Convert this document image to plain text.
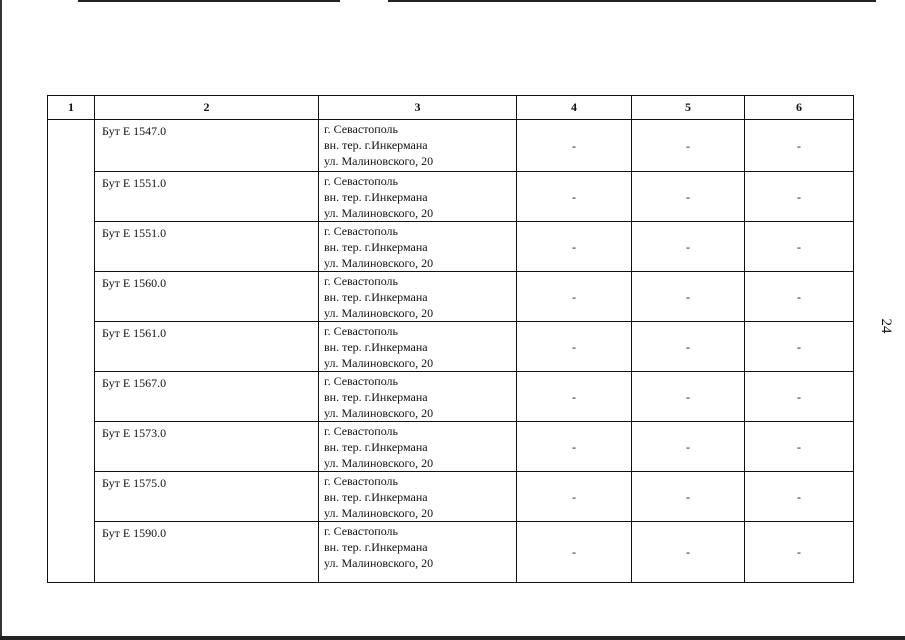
24
1	2	3	4	5	6
	Бут Е 1547.0	г. Севастополь
вн. тер. г.Инкермана
ул. Малиновского, 20	-	-	-
	Бут Е 1551.0	г. Севастополь
вн. тер. г.Инкермана
ул. Малиновского, 20	-	-	-
	Бут Е 1551.0	г. Севастополь
вн. тер. г.Инкермана
ул. Малиновского, 20	-	-	-
	Бут Е 1560.0	г. Севастополь
вн. тер. г.Инкермана
ул. Малиновского, 20	-	-	-
	Бут Е 1561.0	г. Севастополь
вн. тер. г.Инкермана
ул. Малиновского, 20	-	-	-
	Бут Е 1567.0	г. Севастополь
вн. тер. г.Инкермана
ул. Малиновского, 20	-	-	-
	Бут Е 1573.0	г. Севастополь
вн. тер. г.Инкермана
ул. Малиновского, 20	-	-	-
	Бут Е 1575.0	г. Севастополь
вн. тер. г.Инкермана
ул. Малиновского, 20	-	-	-
	Бут Е 1590.0	г. Севастополь
вн. тер. г.Инкермана
ул. Малиновского, 20	-	-	-
